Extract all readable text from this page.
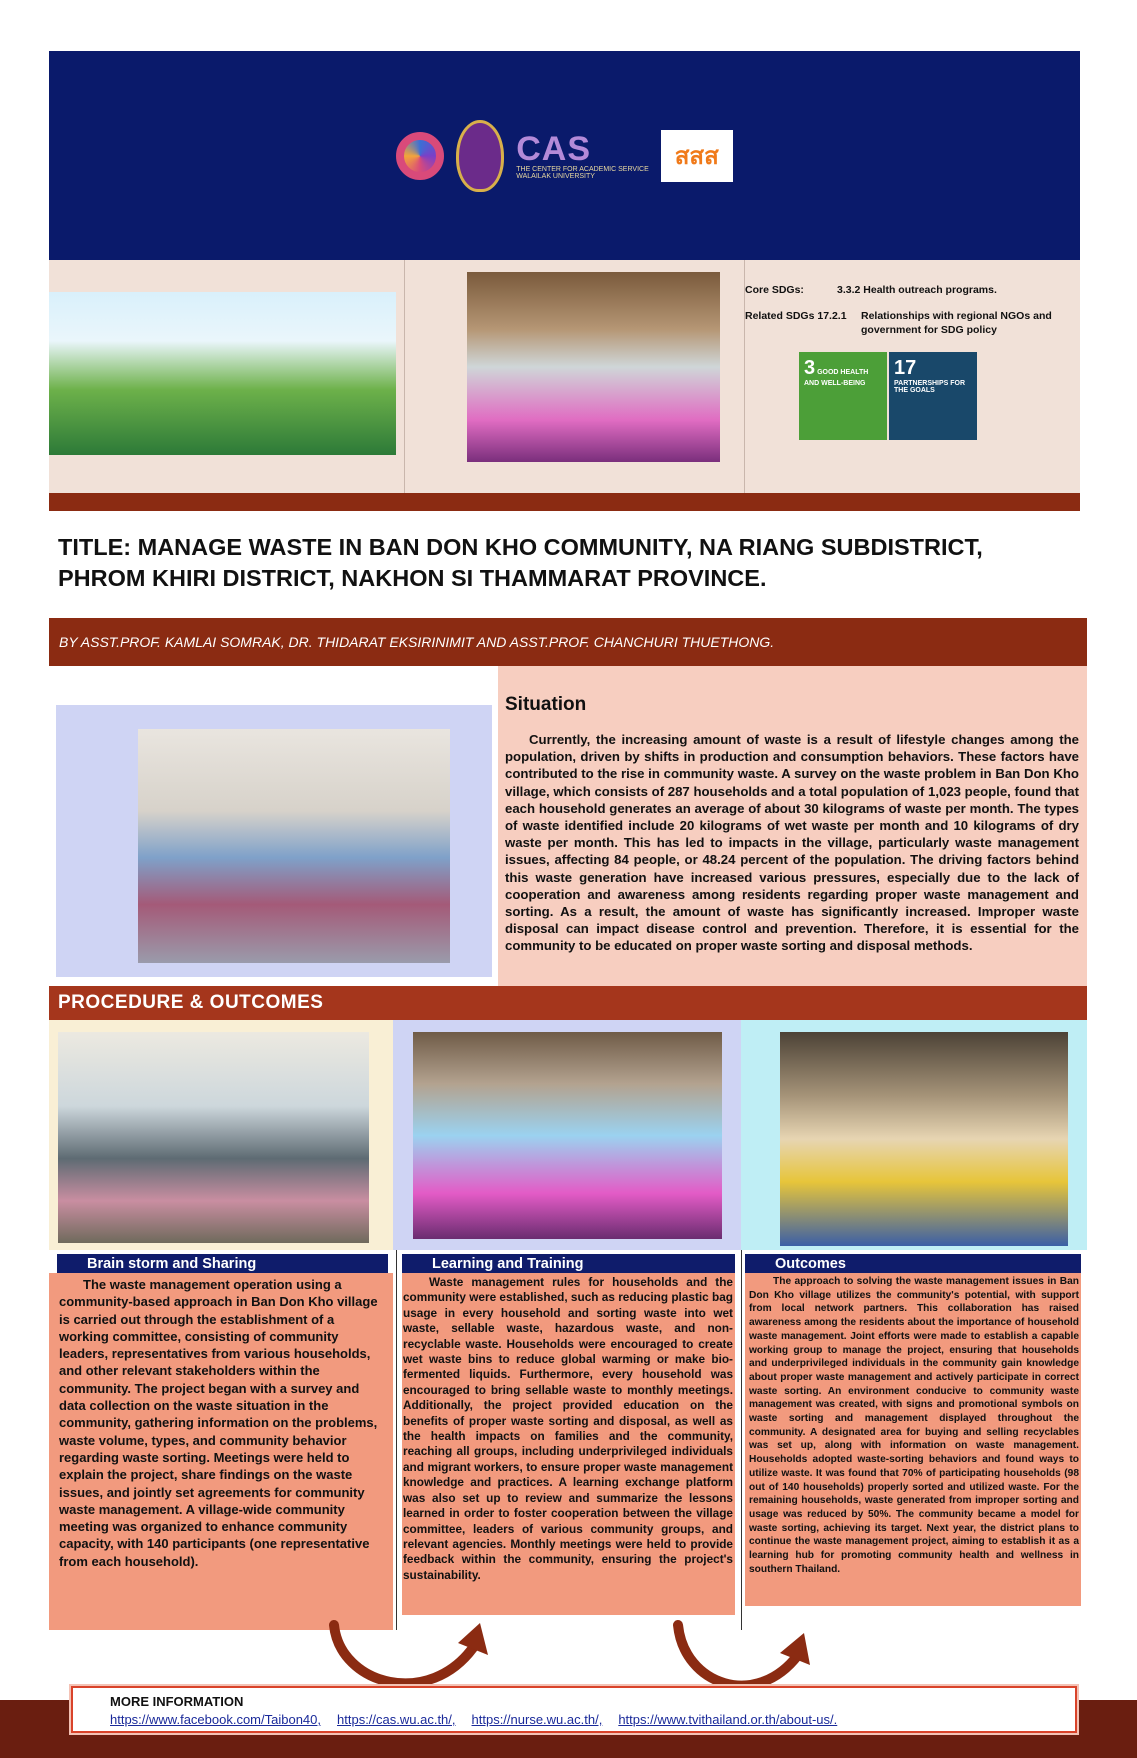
CAS
THE CENTER FOR ACADEMIC SERVICE
WALAILAK UNIVERSITY
สสส
Core SDGs:	3.3.2 Health outreach programs.
Related SDGs 17.2.1	Relationships with regional NGOs and government for SDG policy
3 GOOD HEALTH AND WELL-BEING
17 PARTNERSHIPS FOR THE GOALS
TITLE: MANAGE WASTE IN BAN DON KHO COMMUNITY, NA RIANG SUBDISTRICT, PHROM KHIRI DISTRICT, NAKHON SI THAMMARAT PROVINCE.
BY ASST.PROF. KAMLAI SOMRAK, DR. THIDARAT EKSIRINIMIT AND ASST.PROF. CHANCHURI THUETHONG.
Situation
Currently, the increasing amount of waste is a result of lifestyle changes among the population, driven by shifts in production and consumption behaviors. These factors have contributed to the rise in community waste. A survey on the waste problem in Ban Don Kho village, which consists of 287 households and a total population of 1,023 people, found that each household generates an average of about 30 kilograms of waste per month. The types of waste identified include 20 kilograms of wet waste per month and 10 kilograms of dry waste per month. This has led to impacts in the village, particularly waste management issues, affecting 84 people, or 48.24 percent of the population. The driving factors behind this waste generation have increased various pressures, especially due to the lack of cooperation and awareness among residents regarding proper waste management and sorting. As a result, the amount of waste has significantly increased. Improper waste disposal can impact disease control and prevention. Therefore, it is essential for the community to be educated on proper waste sorting and disposal methods.
PROCEDURE & OUTCOMES
Brain storm and Sharing	Learning and Training	Outcomes
The waste management operation using a community-based approach in Ban Don Kho village is carried out through the establishment of a working committee, consisting of community leaders, representatives from various households, and other relevant stakeholders within the community. The project began with a survey and data collection on the waste situation in the community, gathering information on the problems, waste volume, types, and community behavior regarding waste sorting. Meetings were held to explain the project, share findings on the waste issues, and jointly set agreements for community waste management. A village-wide community meeting was organized to enhance community capacity, with 140 participants (one representative from each household).
Waste management rules for households and the community were established, such as reducing plastic bag usage in every household and sorting waste into wet waste, sellable waste, hazardous waste, and non-recyclable waste. Households were encouraged to create wet waste bins to reduce global warming or make bio-fermented liquids. Furthermore, every household was encouraged to bring sellable waste to monthly meetings. Additionally, the project provided education on the benefits of proper waste sorting and disposal, as well as the health impacts on families and the community, reaching all groups, including underprivileged individuals and migrant workers, to ensure proper waste management knowledge and practices. A learning exchange platform was also set up to review and summarize the lessons learned in order to foster cooperation between the village committee, leaders of various community groups, and relevant agencies. Monthly meetings were held to provide feedback within the community, ensuring the project's sustainability.
The approach to solving the waste management issues in Ban Don Kho village utilizes the community's potential, with support from local network partners. This collaboration has raised awareness among the residents about the importance of household waste management. Joint efforts were made to establish a capable working group to manage the project, ensuring that households and underprivileged individuals in the community gain knowledge about proper waste management and actively participate in correct waste sorting. An environment conducive to community waste management was created, with signs and promotional symbols on waste sorting and management displayed throughout the community. A designated area for buying and selling recyclables was set up, along with information on waste management. Households adopted waste-sorting behaviors and found ways to utilize waste. It was found that 70% of participating households (98 out of 140 households) properly sorted and utilized waste. For the remaining households, waste generated from improper sorting and usage was reduced by 50%. The community became a model for waste sorting, achieving its target. Next year, the district plans to continue the waste management project, aiming to establish it as a learning hub for promoting community health and wellness in southern Thailand.
MORE INFORMATION
https://www.facebook.com/Taibon40, https://cas.wu.ac.th/, https://nurse.wu.ac.th/, https://www.tvithailand.or.th/about-us/.
